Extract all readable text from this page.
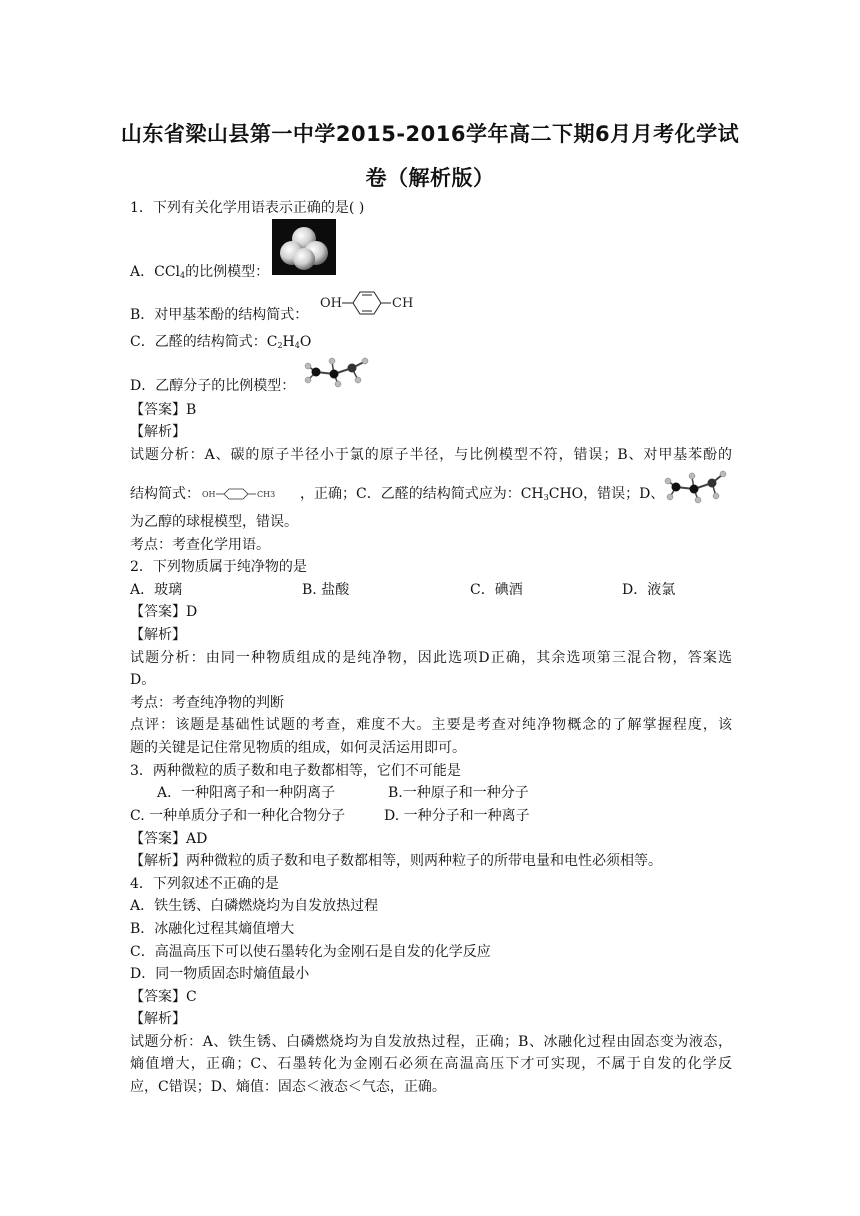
山东省梁山县第一中学2015-2016学年高二下期6月月考化学试
卷（解析版）
1．下列有关化学用语表示正确的是( )
A．CCl$_4$的比例模型：
OH	CH
B．对甲基苯酚的结构简式：
C．乙醛的结构简式：$C_2H_4O$
D．乙醇分子的比例模型：
【答案】B
【解析】
试题分析：A、碳的原子半径小于氯的原子半径，与比例模型不符，错误；B、对甲基苯酚的
结构简式： OH	CH3 ，正确；C．乙醛的结构简式应为：$CH_3CHO$，错误；D、
为乙醇的球棍模型，错误。
考点：考查化学用语。
2．下列物质属于纯净物的是
A．玻璃	B. 盐酸	C．碘酒	D．液氯
【答案】D
【解析】
试题分析：由同一种物质组成的是纯净物，因此选项D正确，其余选项第三混合物，答案选
D。
考点：考查纯净物的判断
点评：该题是基础性试题的考查，难度不大。主要是考查对纯净物概念的了解掌握程度，该
题的关键是记住常见物质的组成，如何灵活运用即可。
3．两种微粒的质子数和电子数都相等，它们不可能是
A．一种阳离子和一种阴离子	B.一种原子和一种分子
C. 一种单质分子和一种化合物分子	D. 一种分子和一种离子
【答案】AD
【解析】两种微粒的质子数和电子数都相等，则两种粒子的所带电量和电性必须相等。
4．下列叙述不正确的是
A．铁生锈、白磷燃烧均为自发放热过程
B．冰融化过程其熵值增大
C．高温高压下可以使石墨转化为金刚石是自发的化学反应
D．同一物质固态时熵值最小
【答案】C
【解析】
试题分析：A、铁生锈、白磷燃烧均为自发放热过程，正确；B、冰融化过程由固态变为液态，
熵值增大，正确；C、石墨转化为金刚石必须在高温高压下才可实现，不属于自发的化学反
应，C错误；D、熵值：固态＜液态＜气态，正确。
